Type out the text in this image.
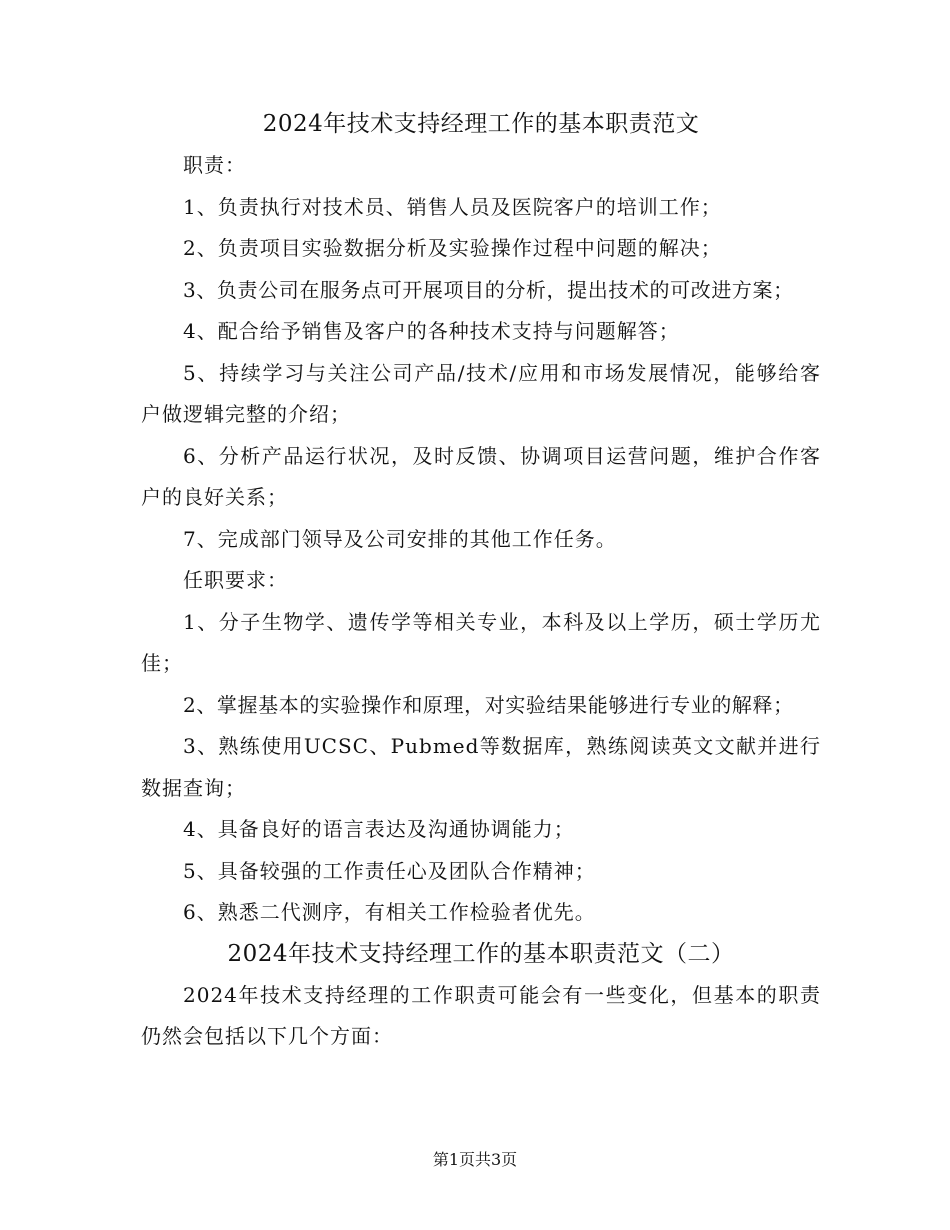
2024年技术支持经理工作的基本职责范文

职责：

1、负责执行对技术员、销售人员及医院客户的培训工作；

2、负责项目实验数据分析及实验操作过程中问题的解决；

3、负责公司在服务点可开展项目的分析，提出技术的可改进方案；

4、配合给予销售及客户的各种技术支持与问题解答；

5、持续学习与关注公司产品/技术/应用和市场发展情况，能够给客户做逻辑完整的介绍；

6、分析产品运行状况，及时反馈、协调项目运营问题，维护合作客户的良好关系；

7、完成部门领导及公司安排的其他工作任务。

任职要求：

1、分子生物学、遗传学等相关专业，本科及以上学历，硕士学历尤佳；

2、掌握基本的实验操作和原理，对实验结果能够进行专业的解释；

3、熟练使用UCSC、Pubmed等数据库，熟练阅读英文文献并进行数据查询；

4、具备良好的语言表达及沟通协调能力；

5、具备较强的工作责任心及团队合作精神；

6、熟悉二代测序，有相关工作检验者优先。

2024年技术支持经理工作的基本职责范文（二）

2024年技术支持经理的工作职责可能会有一些变化，但基本的职责仍然会包括以下几个方面：

第1页共3页
